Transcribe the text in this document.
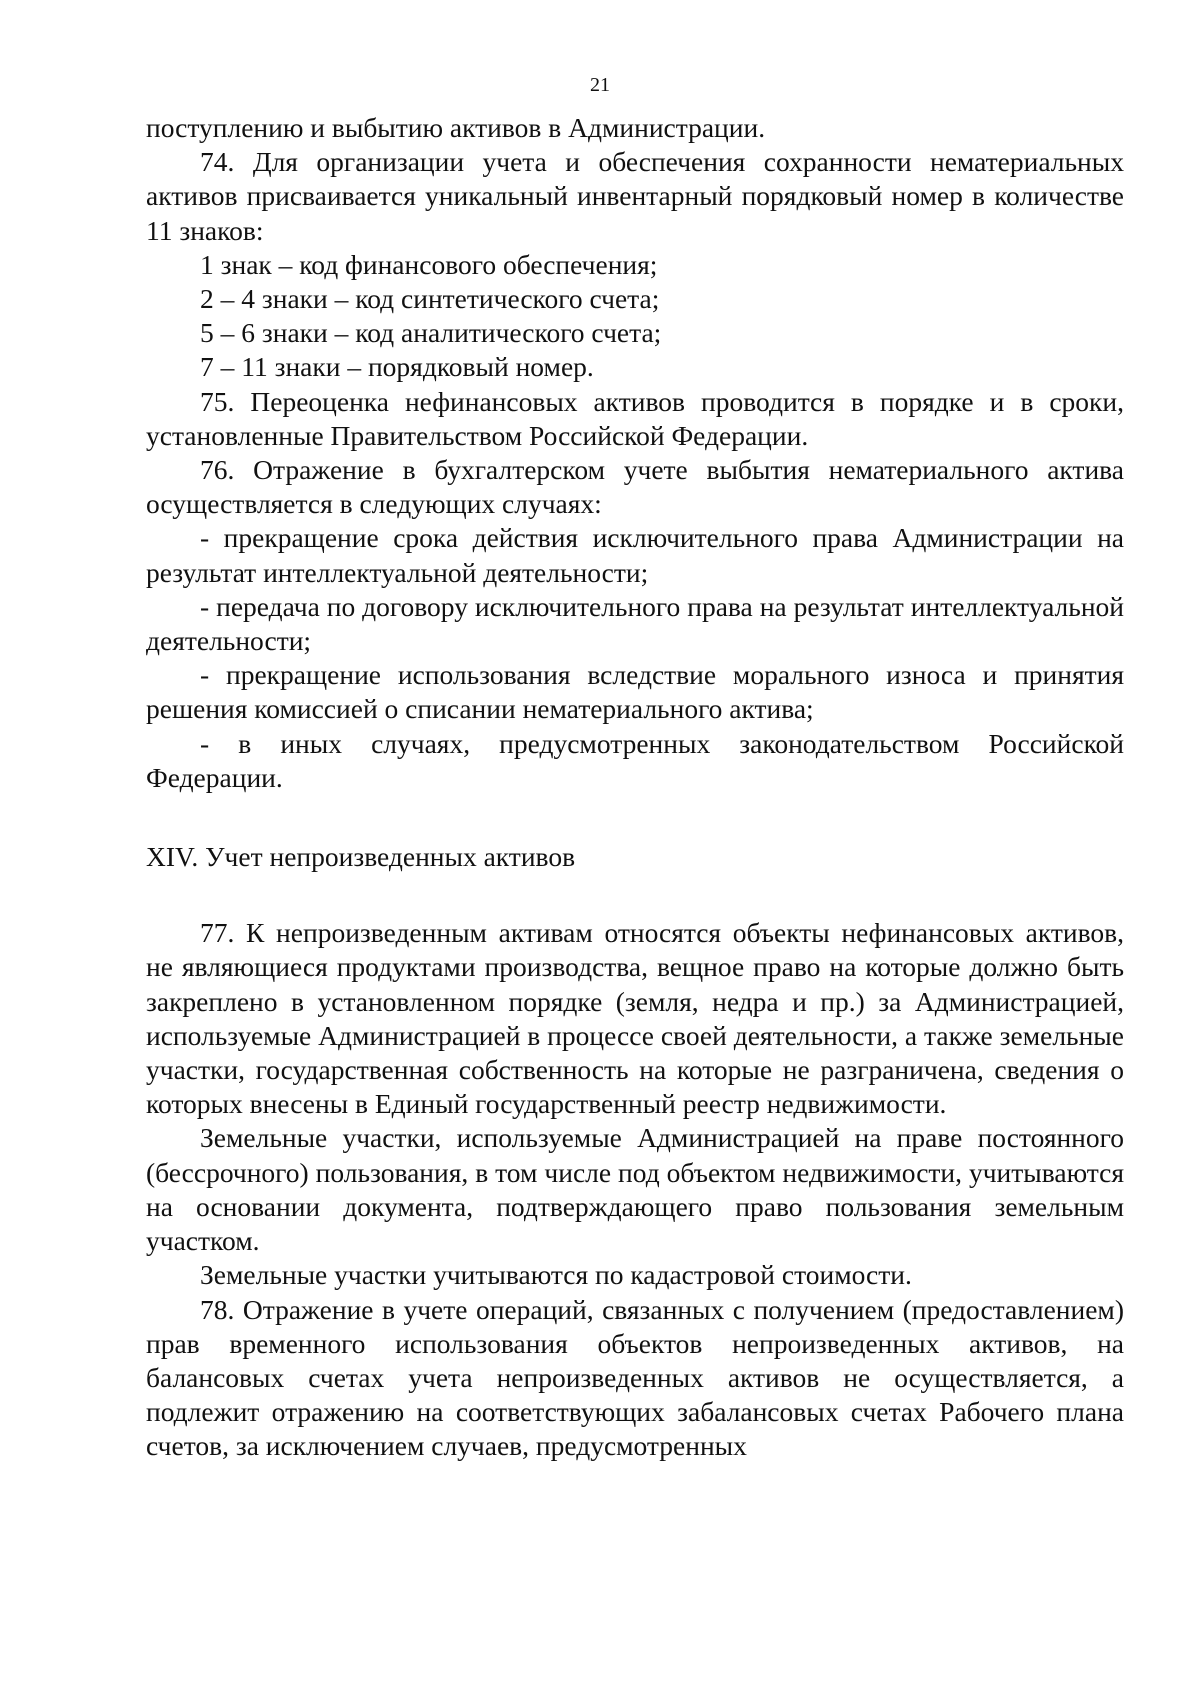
21

поступлению и выбытию активов в Администрации.

74. Для организации учета и обеспечения сохранности нематериальных активов присваивается уникальный инвентарный порядковый номер в количестве 11 знаков:

1 знак – код финансового обеспечения;

2 – 4 знаки – код синтетического счета;

5 – 6 знаки – код аналитического счета;

7 – 11 знаки – порядковый номер.

75. Переоценка нефинансовых активов проводится в порядке и в сроки, установленные Правительством Российской Федерации.

76. Отражение в бухгалтерском учете выбытия нематериального актива осуществляется в следующих случаях:

- прекращение срока действия исключительного права Администрации на результат интеллектуальной деятельности;

- передача по договору исключительного права на результат интеллектуальной деятельности;

- прекращение использования вследствие морального износа и принятия решения комиссией о списании нематериального актива;

- в иных случаях, предусмотренных законодательством Российской Федерации.

XIV. Учет непроизведенных активов

77. К непроизведенным активам относятся объекты нефинансовых активов, не являющиеся продуктами производства, вещное право на которые должно быть закреплено в установленном порядке (земля, недра и пр.) за Администрацией, используемые Администрацией в процессе своей деятельности, а также земельные участки, государственная собственность на которые не разграничена, сведения о которых внесены в Единый государственный реестр недвижимости.

Земельные участки, используемые Администрацией на праве постоянного (бессрочного) пользования, в том числе под объектом недвижимости, учитываются на основании документа, подтверждающего право пользования земельным участком.

Земельные участки учитываются по кадастровой стоимости.

78. Отражение в учете операций, связанных с получением (предоставлением) прав временного использования объектов непроизведенных активов, на балансовых счетах учета непроизведенных активов не осуществляется, а подлежит отражению на соответствующих забалансовых счетах Рабочего плана счетов, за исключением случаев, предусмотренных
